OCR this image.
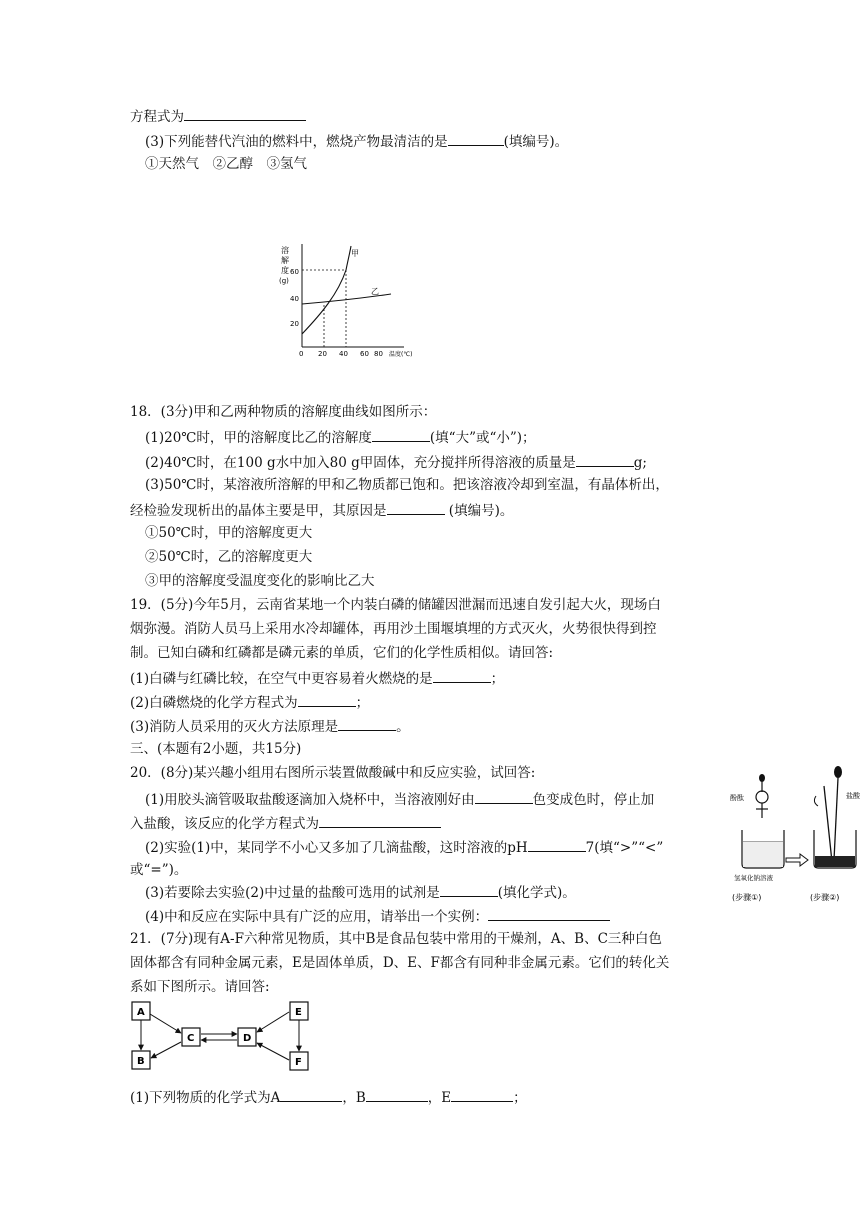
方程式为
(3)下列能替代汽油的燃料中，燃烧产物最清洁的是	(填编号)。
①天然气　②乙醇　③氢气
溶
解
度
(g)
60
40
20
0 20 40 60 80 温度(℃)
甲
乙
18．(3分)甲和乙两种物质的溶解度曲线如图所示：
(1)20℃时，甲的溶解度比乙的溶解度	(填“大”或“小”)；
(2)40℃时，在100 g水中加入80 g甲固体，充分搅拌所得溶液的质量是	g;
(3)50℃时，某溶液所溶解的甲和乙物质都已饱和。把该溶液冷却到室温，有晶体析出，
经检验发现析出的晶体主要是甲，其原因是	(填编号)。
①50℃时，甲的溶解度更大
②50℃时，乙的溶解度更大
③甲的溶解度受温度变化的影响比乙大
19．(5分)今年5月，云南省某地一个内装白磷的储罐因泄漏而迅速自发引起大火，现场白
烟弥漫。消防人员马上采用水冷却罐体，再用沙土围堰填埋的方式灭火，火势很快得到控
制。已知白磷和红磷都是磷元素的单质，它们的化学性质相似。请回答:
(1)白磷与红磷比较，在空气中更容易着火燃烧的是	；
(2)白磷燃烧的化学方程式为	；
(3)消防人员采用的灭火方法原理是	。
三、(本题有2小题，共15分)
20．(8分)某兴趣小组用右图所示装置做酸碱中和反应实验，试回答:
(1)用胶头滴管吸取盐酸逐滴加入烧杯中，当溶液刚好由	色变成色时，停止加
入盐酸，该反应的化学方程式为
(2)实验(1)中，某同学不小心又多加了几滴盐酸，这时溶液的pH	7(填“>”“<”
或“=”)。
(3)若要除去实验(2)中过量的盐酸可选用的试剂是	(填化学式)。
(4)中和反应在实际中具有广泛的应用，请举出一个实例：
酚酞
氢氧化钠溶液
盐酸
(步骤①)	(步骤②)
21．(7分)现有A-F六种常见物质，其中B是食品包装中常用的干燥剂，A、B、C三种白色
固体都含有同种金属元素，E是固体单质，D、E、F都含有同种非金属元素。它们的转化关
系如下图所示。请回答:
A
B
C	D
E
F
(1)下列物质的化学式为A	，B	，E	；
